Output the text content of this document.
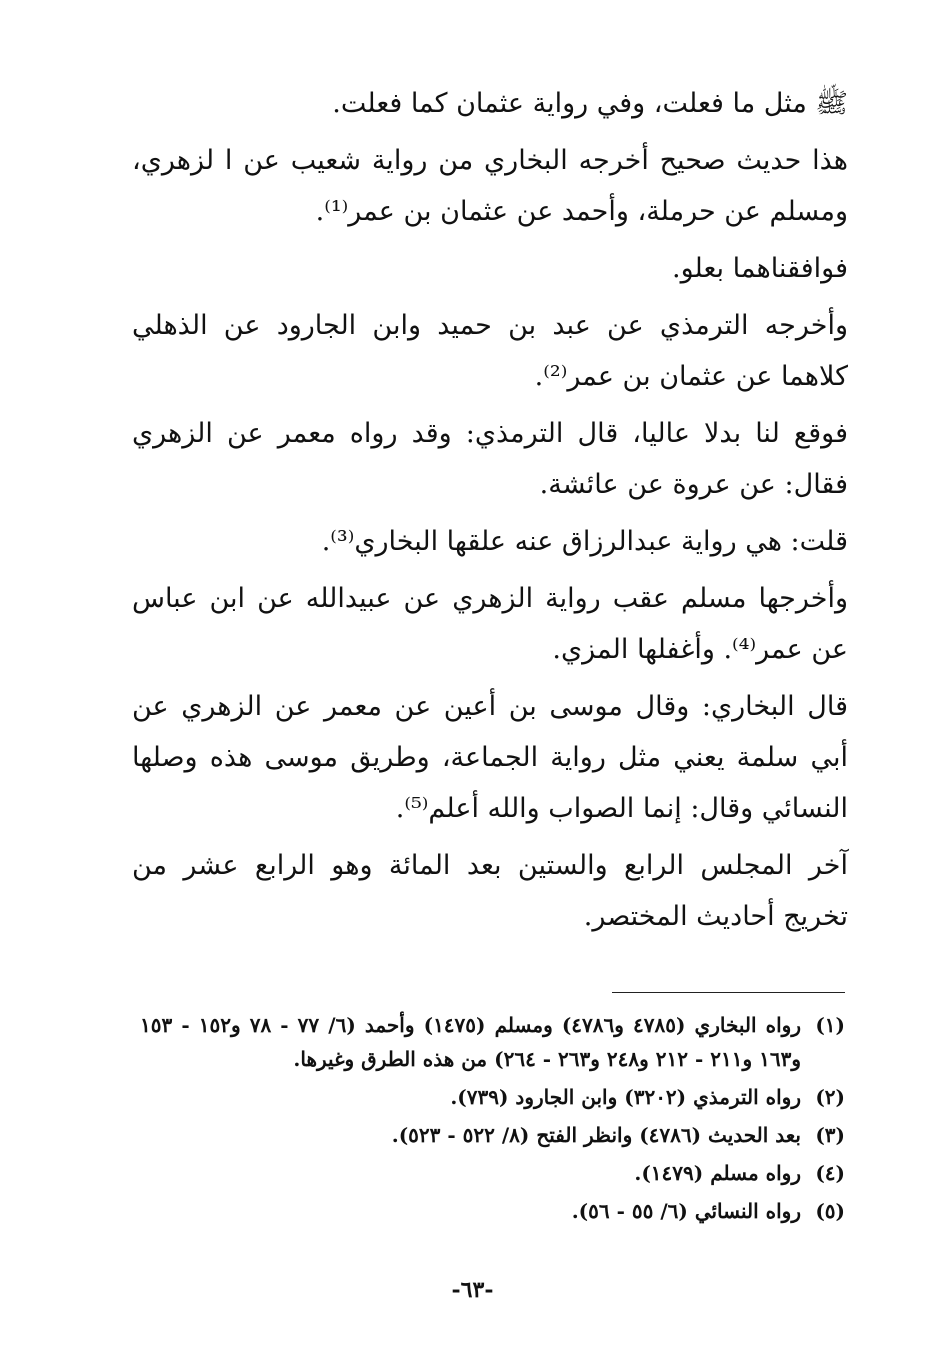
ﷺ مثل ما فعلت، وفي رواية عثمان كما فعلت.

هذا حديث صحيح أخرجه البخاري من رواية شعيب عن ا لزهري، ومسلم عن حرملة، وأحمد عن عثمان بن عمر⁽¹⁾.

فوافقناهما بعلو.

وأخرجه الترمذي عن عبد بن حميد وابن الجارود عن الذهلي كلاهما عن عثمان بن عمر⁽²⁾.

فوقع لنا بدلا عاليا، قال الترمذي: وقد رواه معمر عن الزهري فقال: عن عروة عن عائشة.

قلت: هي رواية عبدالرزاق عنه علقها البخاري⁽³⁾.

وأخرجها مسلم عقب رواية الزهري عن عبيدالله عن ابن عباس عن عمر⁽⁴⁾. وأغفلها المزي.

قال البخاري: وقال موسى بن أعين عن معمر عن الزهري عن أبي سلمة يعني مثل رواية الجماعة، وطريق موسى هذه وصلها النسائي وقال: إنما الصواب والله أعلم⁽⁵⁾.

آخر المجلس الرابع والستين بعد المائة وهو الرابع عشر من تخريج أحاديث المختصر.

(١)
رواه البخاري (٤٧٨٥ و٤٧٨٦) ومسلم (١٤٧٥) وأحمد (٦/ ٧٧ - ٧٨ و١٥٢ - ١٥٣ و١٦٣ و٢١١ - ٢١٢ و٢٤٨ و٢٦٣ - ٢٦٤) من هذه الطرق وغيرها.
(٢)
رواه الترمذي (٣٢٠٢) وابن الجارود (٧٣٩).
(٣)
بعد الحديث (٤٧٨٦) وانظر الفتح (٨/ ٥٢٢ - ٥٢٣).
(٤)
رواه مسلم (١٤٧٩).
(٥)
رواه النسائي (٦/ ٥٥ - ٥٦).
-٦٣-
